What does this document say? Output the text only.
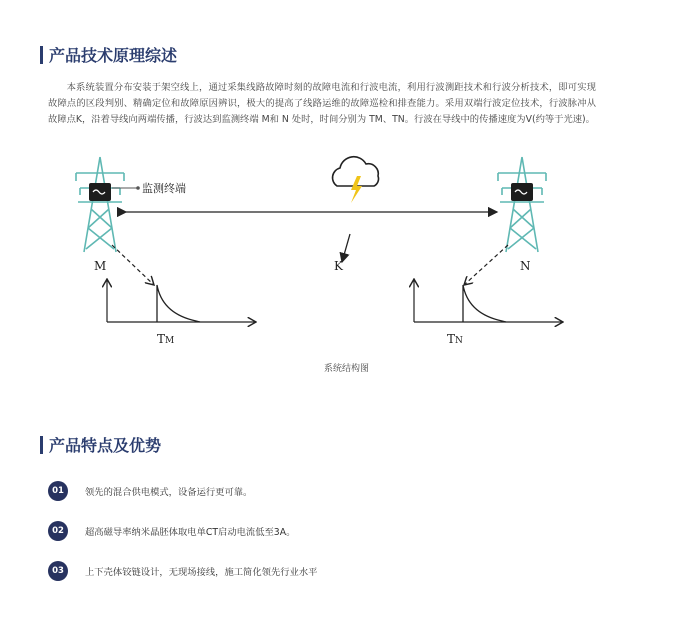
产品技术原理综述

本系统装置分布安装于架空线上，通过采集线路故障时刻的故障电流和行波电流，利用行波测距技术和行波分析技术，即可实现故障点的区段判别、精确定位和故障原因辨识，极大的提高了线路运维的故障巡检和排查能力。采用双端行波定位技术，行波脉冲从故障点K，沿着导线向两端传播，行波达到监测终端 M和 N 处时，时间分别为 TM、TN。行波在导线中的传播速度为V(约等于光速)。

监测终端
M	K	N
TM	TN
系统结构图
产品特点及优势
01	领先的混合供电模式，设备运行更可靠。
02	超高磁导率纳米晶胚体取电单CT启动电流低至3A。
03	上下壳体铰链设计，无现场接线，施工简化领先行业水平
